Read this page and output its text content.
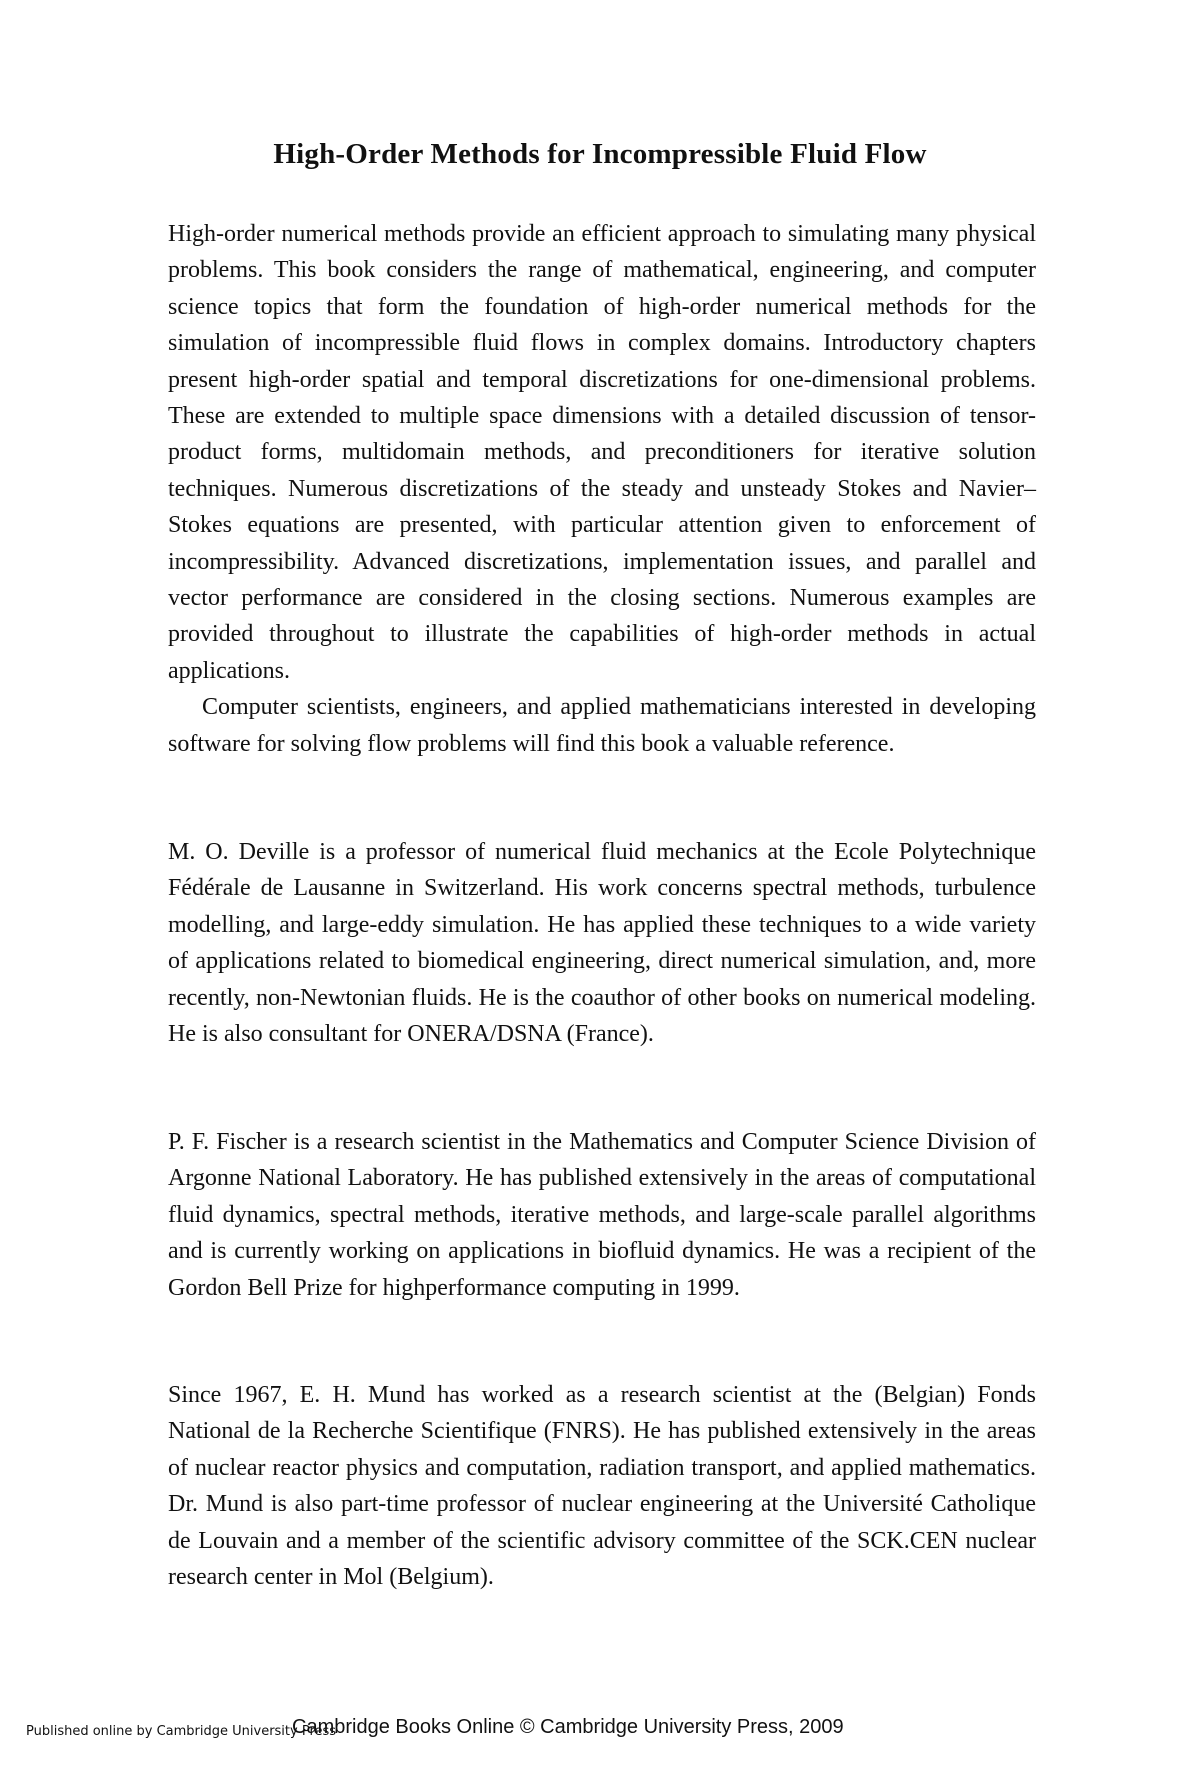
High-Order Methods for Incompressible Fluid Flow

High-order numerical methods provide an efficient approach to simulating many physical problems. This book considers the range of mathematical, engineering, and computer science topics that form the foundation of high-order numerical methods for the simulation of incompressible fluid flows in complex domains. Introductory chapters present high-order spatial and temporal discretizations for one-dimensional problems. These are extended to multiple space dimensions with a detailed discussion of tensor-product forms, multidomain methods, and preconditioners for iterative solution techniques. Numerous discretizations of the steady and unsteady Stokes and Navier–Stokes equations are presented, with particular attention given to enforcement of incompressibility. Advanced discretizations, implementation issues, and parallel and vector performance are considered in the closing sections. Numerous examples are provided throughout to illustrate the capabilities of high-order methods in actual applications.

Computer scientists, engineers, and applied mathematicians interested in developing software for solving flow problems will find this book a valuable reference.

M. O. Deville is a professor of numerical fluid mechanics at the Ecole Polytechnique Fédérale de Lausanne in Switzerland. His work concerns spectral methods, turbulence modelling, and large-eddy simulation. He has applied these techniques to a wide variety of applications related to biomedical engineering, direct numerical simulation, and, more recently, non-Newtonian fluids. He is the coauthor of other books on numerical modeling. He is also consultant for ONERA/DSNA (France).

P. F. Fischer is a research scientist in the Mathematics and Computer Science Division of Argonne National Laboratory. He has published extensively in the areas of computational fluid dynamics, spectral methods, iterative methods, and large-scale parallel algorithms and is currently working on applications in biofluid dynamics. He was a recipient of the Gordon Bell Prize for highperformance computing in 1999.

Since 1967, E. H. Mund has worked as a research scientist at the (Belgian) Fonds National de la Recherche Scientifique (FNRS). He has published extensively in the areas of nuclear reactor physics and computation, radiation transport, and applied mathematics. Dr. Mund is also part-time professor of nuclear engineering at the Université Catholique de Louvain and a member of the scientific advisory committee of the SCK.CEN nuclear research center in Mol (Belgium).

Published online by Cambridge University Press
Cambridge Books Online © Cambridge University Press, 2009
